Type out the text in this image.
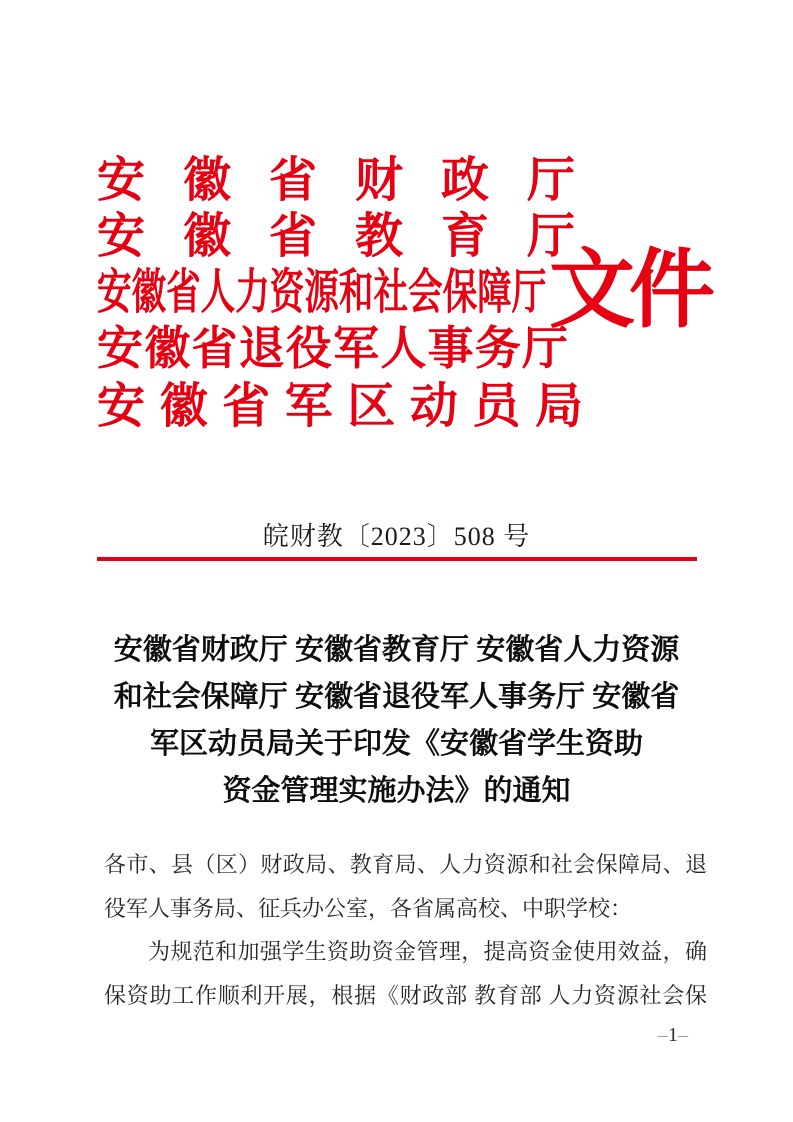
安徽省财政厅
安徽省教育厅
安徽省人力资源和社会保障厅
安徽省退役军人事务厅
安徽省军区动员局
文件
皖财教〔2023〕508 号
安徽省财政厅 安徽省教育厅 安徽省人力资源
和社会保障厅 安徽省退役军人事务厅 安徽省
军区动员局关于印发《安徽省学生资助
资金管理实施办法》的通知
各市、县（区）财政局、教育局、人力资源和社会保障局、退
役军人事务局、征兵办公室，各省属高校、中职学校：
为规范和加强学生资助资金管理，提高资金使用效益，确
保资助工作顺利开展，根据《财政部 教育部 人力资源社会保
–1–
